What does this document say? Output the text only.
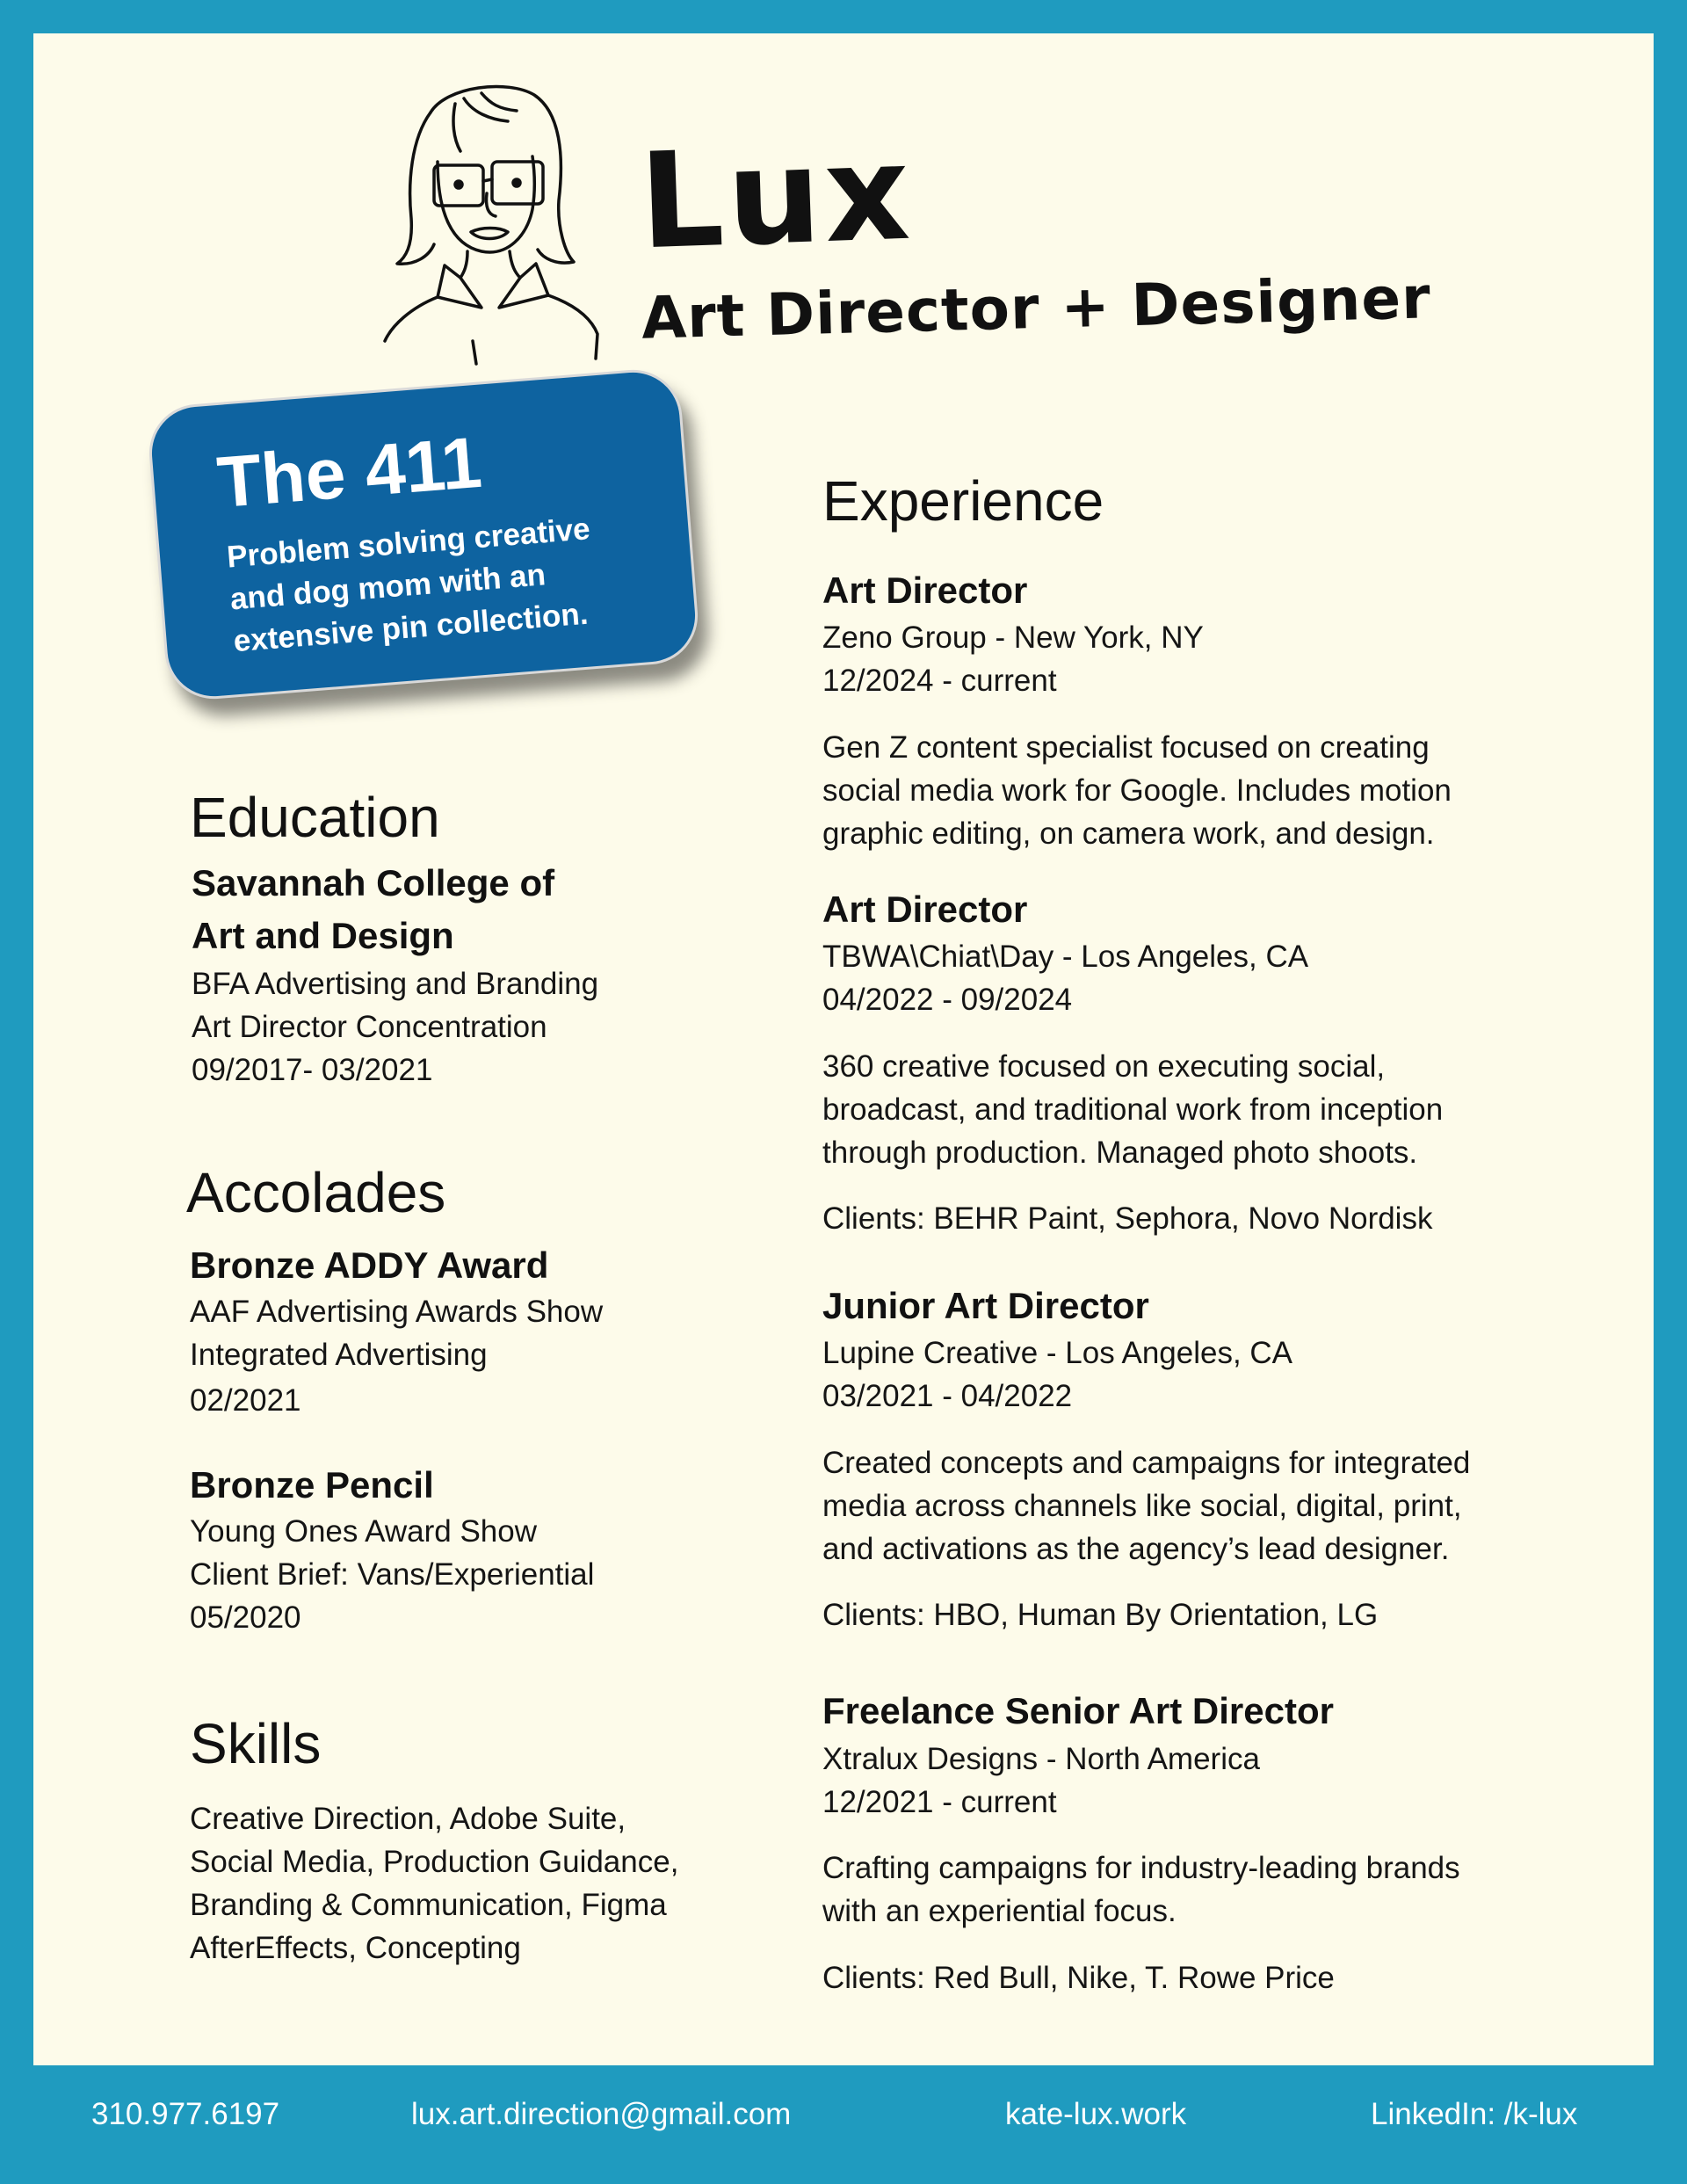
Lux
Art Director + Designer
The 411
Problem solving creative and dog mom with an extensive pin collection.
Education
Savannah College of
Art and Design
BFA Advertising and Branding
Art Director Concentration
09/2017- 03/2021
Accolades
Bronze ADDY Award
AAF Advertising Awards Show
Integrated Advertising
02/2021
Bronze Pencil
Young Ones Award Show
Client Brief: Vans/Experiential
05/2020
Skills
Creative Direction, Adobe Suite,
Social Media, Production Guidance,
Branding & Communication, Figma
AfterEffects, Concepting
Experience
Art Director
Zeno Group - New York, NY
12/2024 - current
Gen Z content specialist focused on creating
social media work for Google. Includes motion
graphic editing, on camera work, and design.
Art Director
TBWA\Chiat\Day - Los Angeles, CA
04/2022 - 09/2024
360 creative focused on executing social,
broadcast, and traditional work from inception
through production. Managed photo shoots.
Clients: BEHR Paint, Sephora, Novo Nordisk
Junior Art Director
Lupine Creative - Los Angeles, CA
03/2021 - 04/2022
Created concepts and campaigns for integrated
media across channels like social, digital, print,
and activations as the agency’s lead designer.
Clients: HBO, Human By Orientation, LG
Freelance Senior Art Director
Xtralux Designs - North America
12/2021 - current
Crafting campaigns for industry-leading brands
with an experiential focus.
Clients: Red Bull, Nike, T. Rowe Price
310.977.6197	lux.art.direction@gmail.com	kate-lux.work	LinkedIn: /k-lux
